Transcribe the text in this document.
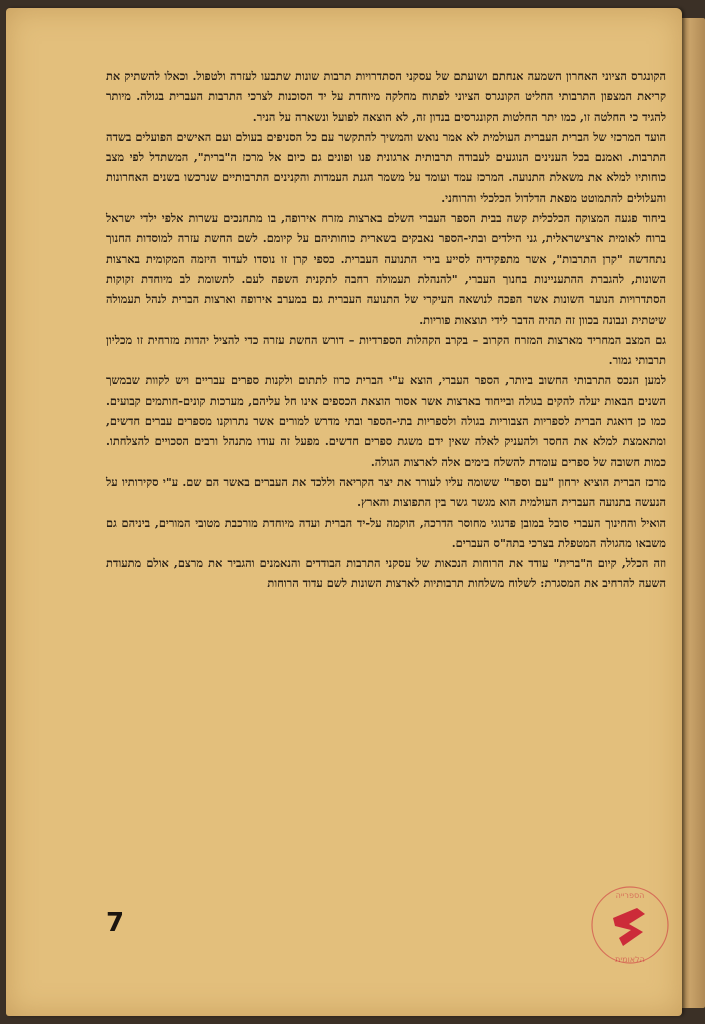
הקונגרס הציוני האחרון השמעה אנחתם ושועתם של עסקני הסתדרויות תרבות שונות שתבעו לעזרה ולטפול. וכאלו להשתיק את קריאת המצפון התרבותי החליט הקונגרס הציוני לפתוח מחלקה מיוחדת על יד הסוכנות לצרכי התרבות העברית בגולה. מיותר להגיד כי החלטה זו, כמו יתר החלטות הקונגרסים בנדון זה, לא הוצאה לפועל ונשארה על הניר.

הועד המרכזי של הברית העברית העולמית לא אמר נואש והמשיך להתקשר עם כל הסניפים בעולם ועם האישים הפועלים בשדה התרבות. ואמנם בכל הענינים הנוגעים לעבודה תרבותית ארגונית פנו ופונים גם כיום אל מרכז ה"ברית", המשתדל לפי מצב כוחותיו למלא את משאלת התנועה. המרכז עמד ועומד על משמר הגנת העמדות והקנינים התרבותיים שנרכשו בשנים האחרונות והעלולים להתמוטט מפאת הדלדול הכלכלי והרוחני.

ביחוד פגעה המצוקה הכלכלית קשה בבית הספר העברי השלם בארצות מזרח אירופה, בו מתחנכים עשרות אלפי ילדי ישראל ברוח לאומית ארצישראלית, גני הילדים ובתי-הספר נאבקים בשארית כוחותיהם על קיומם. לשם החשת עזרה למוסדות החנוך נתחדשה "קרן התרבות", אשר מתפקידיה לסייע בירי התנועה העברית. כספי קרן זו נוסדו לעדוד היזמה המקומית בארצות השונות, להגברת ההתעניינות בחנוך העברי, "להנהלת תעמולה רחבה לתקנית השפה לעם. לתשומת לב מיוחדת זקוקות הסתדרויות הנוער השונות אשר הפכה לנושאה העיקרי של התנועה העברית גם במערב אירופה וארצות הברית לנהל תעמולה שיטתית ונבונה בכוון זה תהיה הדבר לידי תוצאות פוריות.

גם המצב המחריד מארצות המזרח הקרוב – בקרב הקהלות הספרדיות – דורש החשת עזרה כדי להציל יהדות מזרחית זו מכליון תרבותי גמור.

למען הנכס התרבותי החשוב ביותר, הספר העברי, הוצא ע"י הברית כרוז לתתום ולקנות ספרים עבריים ויש לקוות שבמשך השנים הבאות יעלה להקים בגולה ובייחוד בארצות אשר אסור הוצאת הכספים אינו חל עליהם, מערכות קונים-חותמים קבועים. כמו כן דואגת הברית לספריות הצבוריות בגולה ולספריות בתי-הספר ובתי מדרש למורים אשר נתרוקנו מספרים עברים חדשים, ומתאמצת למלא את החסר ולהעניק לאלה שאין ידם משגת ספרים חדשים. מפעל זה עודו מתנהל ורבים הסכויים להצלחתו. כמות חשובה של ספרים עומדת להשלח בימים אלה לארצות הגולה.

מרכז הברית הוציא ירחון "עם וספר" ששומה עליו לעורר את יצר הקריאה וללכד את העברים באשר הם שם. ע"י סקירותיו על הנעשה בתנועה העברית העולמית הוא מגשר גשר בין התפוצות והארץ.

הואיל והחינוך העברי סובל במובן פדגוגי מחוסר הדרכה, הוקמה על-יד הברית ועדה מיוחדת מורכבת מטובי המורים, ביניהם גם משבאו מהגולה המטפלת בצרכי בתה"ס העברים.

וזה הכלל, קיום ה"ברית" עודד את הרוחות הנכאות של עסקני התרבות הבודדים והנאמנים והגביר את מרצם, אולם מתעודת השעה להרחיב את המסגרת: לשלוח משלחות תרבותיות לארצות השונות לשם עדוד הרוחות

7
הספרייה
הלאומית
